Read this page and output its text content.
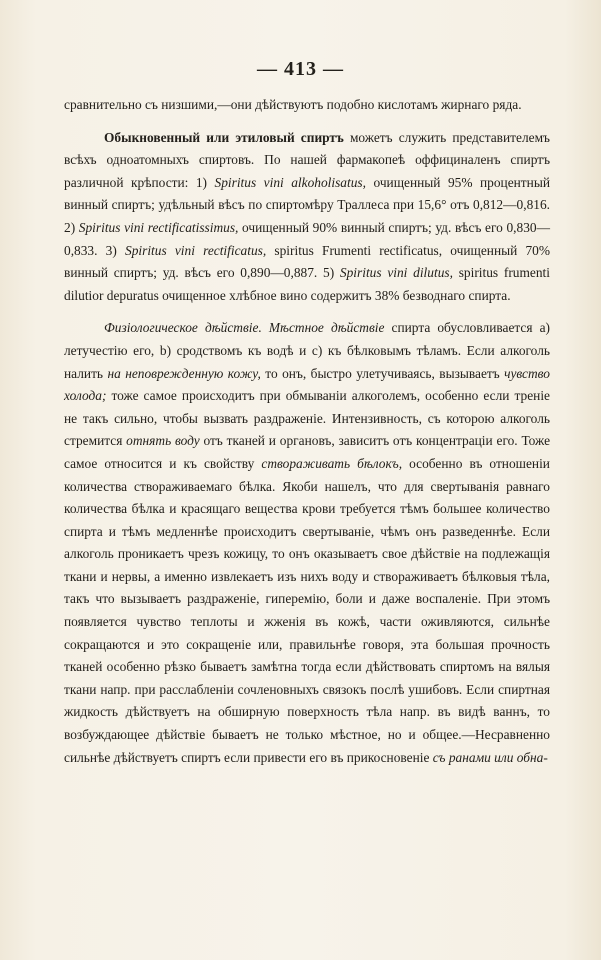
— 413 —

сравнительно съ низшими,—они дѣйствуютъ подобно кислотамъ жирнаго ряда.

Обыкновенный или этиловый спиртъ можетъ служить представителемъ всѣхъ одноатомныхъ спиртовъ. По нашей фармакопеѣ оффициналенъ спиртъ различной крѣпости: 1) Spiritus vini alkoholisatus, очищенный 95% процентный винный спиртъ; удѣльный вѣсъ по спиртомѣру Траллеса при 15,6° отъ 0,812—0,816. 2) Spiritus vini rectificatissimus, очищенный 90% винный спиртъ; уд. вѣсъ его 0,830—0,833. 3) Spiritus vini rectificatus, spiritus Frumenti rectificatus, очищенный 70% винный спиртъ; уд. вѣсъ его 0,890—0,887. 5) Spiritus vini dilutus, spiritus frumenti dilutior depuratus очищенное хлѣбное вино содержитъ 38% безводнаго спирта.

Физіологическое дѣйствіе. Мѣстное дѣйствіе спирта обусловливается a) летучестію его, b) сродствомъ къ водѣ и c) къ бѣлковымъ тѣламъ. Если алкоголь налить на неповрежденную кожу, то онъ, быстро улетучиваясь, вызываетъ чувство холода; тоже самое происходитъ при обмываніи алкоголемъ, особенно если треніе не такъ сильно, чтобы вызвать раздраженіе. Интензивность, съ которою алкоголь стремится отнять воду отъ тканей и органовъ, зависитъ отъ концентраціи его. Тоже самое относится и къ свойству створаживать бѣлокъ, особенно въ отношеніи количества створаживаемаго бѣлка. Якоби нашелъ, что для свертыванія равнаго количества бѣлка и красящаго вещества крови требуется тѣмъ большее количество спирта и тѣмъ медленнѣе происходитъ свертываніе, чѣмъ онъ разведеннѣе. Если алкоголь проникаетъ чрезъ кожицу, то онъ оказываетъ свое дѣйствіе на подлежащія ткани и нервы, а именно извлекаетъ изъ нихъ воду и створаживаетъ бѣлковыя тѣла, такъ что вызываетъ раздраженіе, гиперемію, боли и даже воспаленіе. При этомъ появляется чувство теплоты и жженія въ кожѣ, части оживляются, сильнѣе сокращаются и это сокращеніе или, правильнѣе говоря, эта большая прочность тканей особенно рѣзко бываетъ замѣтна тогда если дѣйствовать спиртомъ на вялыя ткани напр. при расслабленіи сочленовныхъ связокъ послѣ ушибовъ. Если спиртная жидкость дѣйствуетъ на обширную поверхность тѣла напр. въ видѣ ваннъ, то возбуждающее дѣйствіе бываетъ не только мѣстное, но и общее.—Несравненно сильнѣе дѣйствуетъ спиртъ если привести его въ прикосновеніе съ ранами или обна-
